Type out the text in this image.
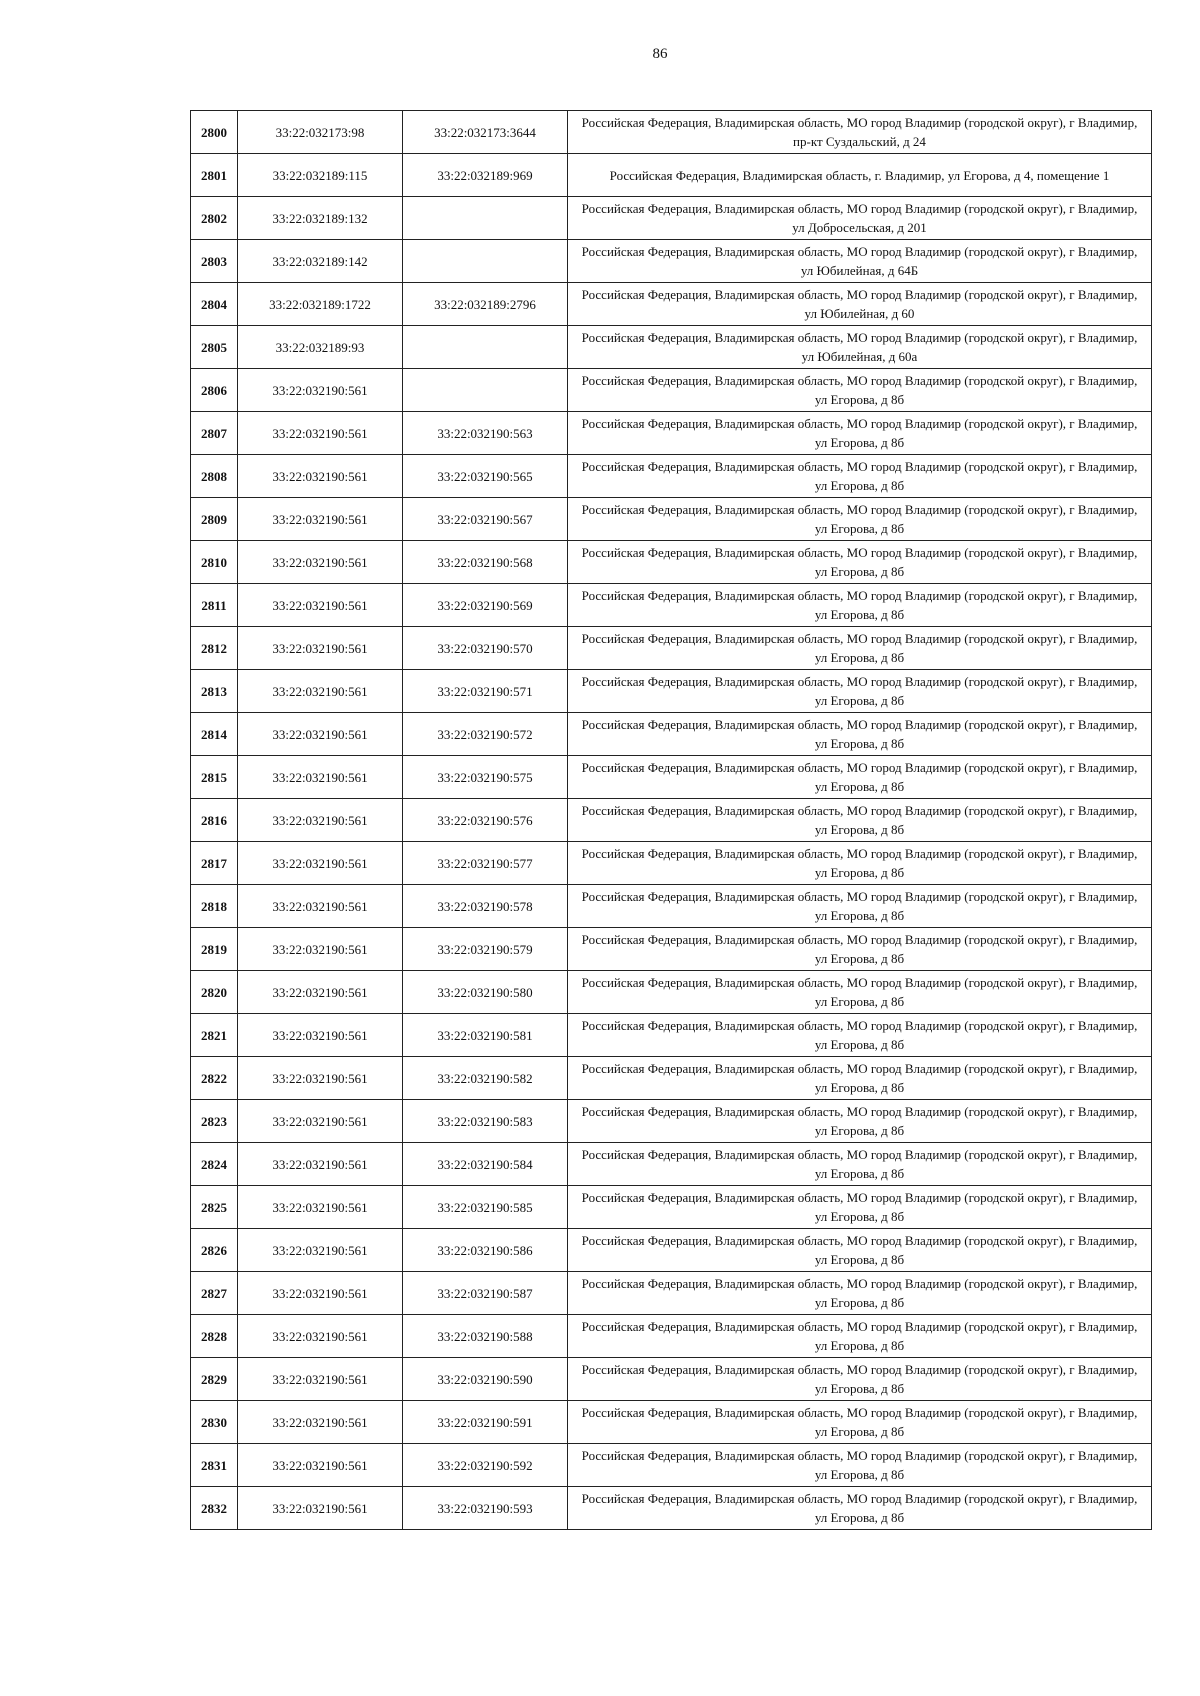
86
2800	33:22:032173:98	33:22:032173:3644	Российская Федерация, Владимирская область, МО город Владимир (городской округ), г Владимир, пр-кт Суздальский, д 24
2801	33:22:032189:115	33:22:032189:969	Российская Федерация, Владимирская область, г. Владимир, ул Егорова, д 4, помещение 1
2802	33:22:032189:132		Российская Федерация, Владимирская область, МО город Владимир (городской округ), г Владимир, ул Добросельская, д 201
2803	33:22:032189:142		Российская Федерация, Владимирская область, МО город Владимир (городской округ), г Владимир, ул Юбилейная, д 64Б
2804	33:22:032189:1722	33:22:032189:2796	Российская Федерация, Владимирская область, МО город Владимир (городской округ), г Владимир, ул Юбилейная, д 60
2805	33:22:032189:93		Российская Федерация, Владимирская область, МО город Владимир (городской округ), г Владимир, ул Юбилейная, д 60а
2806	33:22:032190:561		Российская Федерация, Владимирская область, МО город Владимир (городской округ), г Владимир, ул Егорова, д 8б
2807	33:22:032190:561	33:22:032190:563	Российская Федерация, Владимирская область, МО город Владимир (городской округ), г Владимир, ул Егорова, д 8б
2808	33:22:032190:561	33:22:032190:565	Российская Федерация, Владимирская область, МО город Владимир (городской округ), г Владимир, ул Егорова, д 8б
2809	33:22:032190:561	33:22:032190:567	Российская Федерация, Владимирская область, МО город Владимир (городской округ), г Владимир, ул Егорова, д 8б
2810	33:22:032190:561	33:22:032190:568	Российская Федерация, Владимирская область, МО город Владимир (городской округ), г Владимир, ул Егорова, д 8б
2811	33:22:032190:561	33:22:032190:569	Российская Федерация, Владимирская область, МО город Владимир (городской округ), г Владимир, ул Егорова, д 8б
2812	33:22:032190:561	33:22:032190:570	Российская Федерация, Владимирская область, МО город Владимир (городской округ), г Владимир, ул Егорова, д 8б
2813	33:22:032190:561	33:22:032190:571	Российская Федерация, Владимирская область, МО город Владимир (городской округ), г Владимир, ул Егорова, д 8б
2814	33:22:032190:561	33:22:032190:572	Российская Федерация, Владимирская область, МО город Владимир (городской округ), г Владимир, ул Егорова, д 8б
2815	33:22:032190:561	33:22:032190:575	Российская Федерация, Владимирская область, МО город Владимир (городской округ), г Владимир, ул Егорова, д 8б
2816	33:22:032190:561	33:22:032190:576	Российская Федерация, Владимирская область, МО город Владимир (городской округ), г Владимир, ул Егорова, д 8б
2817	33:22:032190:561	33:22:032190:577	Российская Федерация, Владимирская область, МО город Владимир (городской округ), г Владимир, ул Егорова, д 8б
2818	33:22:032190:561	33:22:032190:578	Российская Федерация, Владимирская область, МО город Владимир (городской округ), г Владимир, ул Егорова, д 8б
2819	33:22:032190:561	33:22:032190:579	Российская Федерация, Владимирская область, МО город Владимир (городской округ), г Владимир, ул Егорова, д 8б
2820	33:22:032190:561	33:22:032190:580	Российская Федерация, Владимирская область, МО город Владимир (городской округ), г Владимир, ул Егорова, д 8б
2821	33:22:032190:561	33:22:032190:581	Российская Федерация, Владимирская область, МО город Владимир (городской округ), г Владимир, ул Егорова, д 8б
2822	33:22:032190:561	33:22:032190:582	Российская Федерация, Владимирская область, МО город Владимир (городской округ), г Владимир, ул Егорова, д 8б
2823	33:22:032190:561	33:22:032190:583	Российская Федерация, Владимирская область, МО город Владимир (городской округ), г Владимир, ул Егорова, д 8б
2824	33:22:032190:561	33:22:032190:584	Российская Федерация, Владимирская область, МО город Владимир (городской округ), г Владимир, ул Егорова, д 8б
2825	33:22:032190:561	33:22:032190:585	Российская Федерация, Владимирская область, МО город Владимир (городской округ), г Владимир, ул Егорова, д 8б
2826	33:22:032190:561	33:22:032190:586	Российская Федерация, Владимирская область, МО город Владимир (городской округ), г Владимир, ул Егорова, д 8б
2827	33:22:032190:561	33:22:032190:587	Российская Федерация, Владимирская область, МО город Владимир (городской округ), г Владимир, ул Егорова, д 8б
2828	33:22:032190:561	33:22:032190:588	Российская Федерация, Владимирская область, МО город Владимир (городской округ), г Владимир, ул Егорова, д 8б
2829	33:22:032190:561	33:22:032190:590	Российская Федерация, Владимирская область, МО город Владимир (городской округ), г Владимир, ул Егорова, д 8б
2830	33:22:032190:561	33:22:032190:591	Российская Федерация, Владимирская область, МО город Владимир (городской округ), г Владимир, ул Егорова, д 8б
2831	33:22:032190:561	33:22:032190:592	Российская Федерация, Владимирская область, МО город Владимир (городской округ), г Владимир, ул Егорова, д 8б
2832	33:22:032190:561	33:22:032190:593	Российская Федерация, Владимирская область, МО город Владимир (городской округ), г Владимир, ул Егорова, д 8б
